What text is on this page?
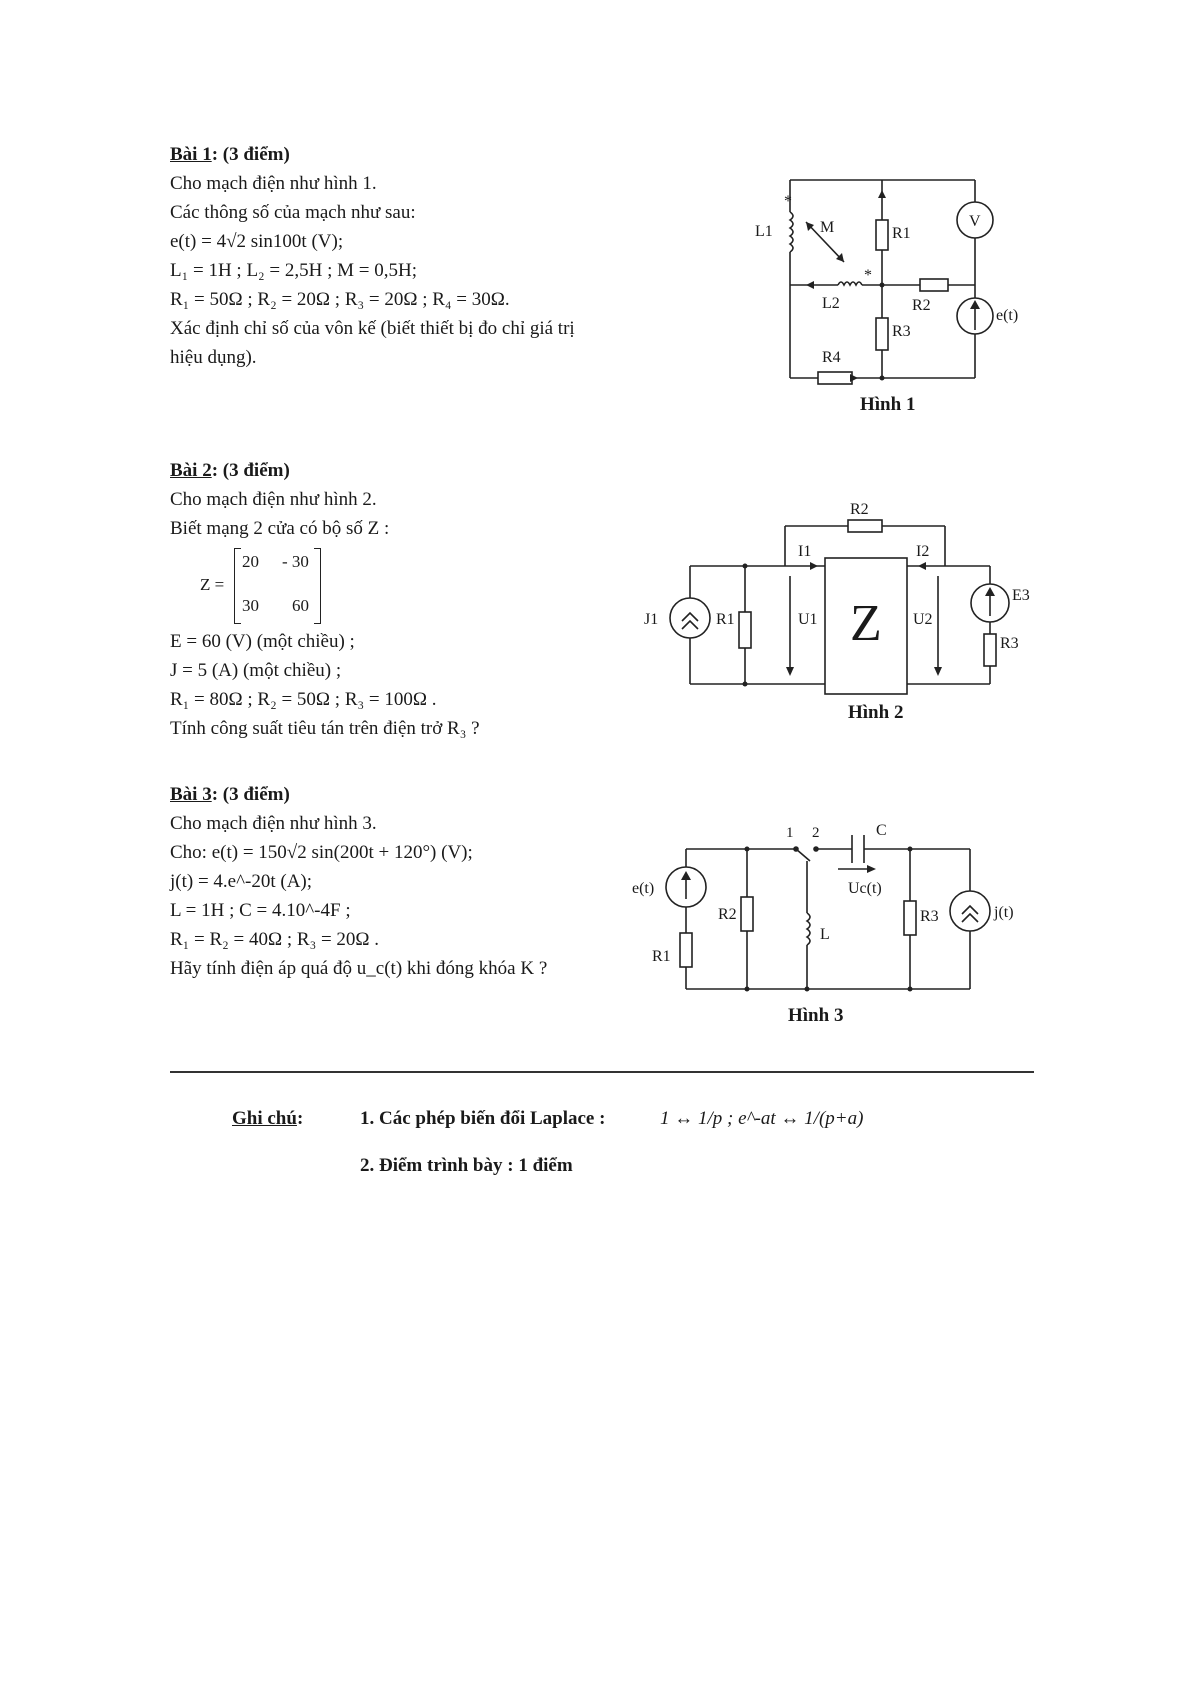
Bài 1: (3 điểm)
Cho mạch điện như hình 1.
Các thông số của mạch như sau:
e(t) = 4√2 sin100t (V);
L₁ = 1H ; L₂ = 2,5H ; M = 0,5H;
R₁ = 50Ω ; R₂ = 20Ω ; R₃ = 20Ω ; R₄ = 30Ω.
Xác định chỉ số của vôn kế (biết thiết bị đo chỉ giá trị
hiệu dụng).
*
*
L1	M	R1
L2	R2
R3
R4
V
e(t)
Hình 1
Bài 2: (3 điểm)
Cho mạch điện như hình 2.
Biết mạng 2 cửa có bộ số Z :
Z =
20 - 30
30 60
E = 60 (V) (một chiều) ;
J = 5 (A) (một chiều) ;
R₁ = 80Ω ; R₂ = 50Ω ; R₃ = 100Ω .
Tính công suất tiêu tán trên điện trở R₃ ?
R2
I1	I2
J1	R1	U1 Z U2
E3
R3
Hình 2
Bài 3: (3 điểm)
Cho mạch điện như hình 3.
Cho: e(t) = 150√2 sin(200t + 120°) (V);
j(t) = 4.e^-20t (A);
L = 1H ; C = 4.10^-4F ;
R₁ = R₂ = 40Ω ; R₃ = 20Ω .
Hãy tính điện áp quá độ u_c(t) khi đóng khóa K ?
1 2	C
e(t)
R2
Uc(t)
R3	j(t)
L
R1
Hình 3
Ghi chú:	1. Các phép biến đổi Laplace :	1 ↔ 1/p ; e^-at ↔ 1/(p+a)
2. Điểm trình bày : 1 điểm
